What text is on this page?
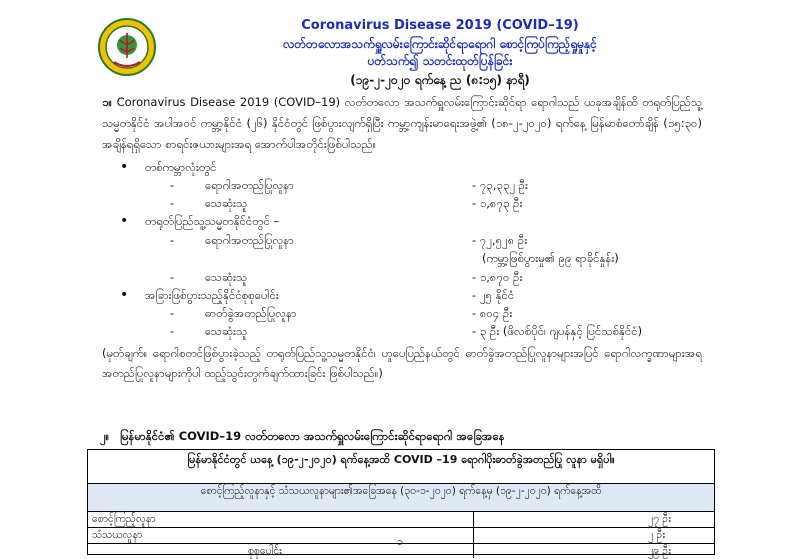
Coronavirus Disease 2019 (COVID–19)
လတ်တလောအသက်ရှူလမ်းကြောင်းဆိုင်ရာရောဂါ စောင့်ကြပ်ကြည့်ရှုမှုနှင့်
ပတ်သက်၍ သတင်းထုတ်ပြန်ခြင်း
(၁၉-၂-၂၀၂၀ ရက်နေ့ ည (၈:၁၅) နာရီ)
၁။ Coronavirus Disease 2019 (COVID–19) လတ်တလော အသက်ရှူလမ်းကြောင်းဆိုင်ရာ ရောဂါသည် ယခုအချိန်ထိ တရုတ်ပြည်သူ့သမ္မတနိုင်ငံ အပါအဝင် ကမ္ဘာ့နိုင်ငံ (၂၆) နိုင်ငံတွင် ဖြစ်ပွားလျက်ရှိပြီး ကမ္ဘာ့ကျန်းမာရေးအဖွဲ့၏ (၁၈-၂-၂၀၂၀) ရက်နေ့ မြန်မာစံတော်ချိန် (၁၅:၃၀) အချိန်ရရှိသော စာရင်းဇယားများအရ အောက်ပါအတိုင်းဖြစ်ပါသည်။
• တစ်ကမ္ဘာလုံးတွင်
-	ရောဂါအတည်ပြုလူနာ	- ၇၃,၃၃၂ ဦး
-	သေဆုံးသူ	- ၁,၈၇၃ ဦး
• တရုတ်ပြည်သူ့သမ္မတနိုင်ငံတွင် –
-	ရောဂါအတည်ပြုလူနာ	- ၇၂,၅၂၈ ဦး
(ကမ္ဘာ့ဖြစ်ပွားမှု၏ ၉၉ ရာခိုင်နှုန်း)
-	သေဆုံးသူ	- ၁,၈၇၀ ဦး
• အခြားဖြစ်ပွားသည့်နိုင်ငံစုစုပေါင်း	- ၂၅ နိုင်ငံ
-	ဓာတ်ခွဲအတည်ပြုလူနာ	- ၈၀၄ ဦး
-	သေဆုံးသူ	- ၃ ဦး (ဖိလစ်ပိုင်၊ ဂျပန်နှင့် ပြင်သစ်နိုင်ငံ)
(မှတ်ချက်။ ရောဂါစတင်ဖြစ်ပွားခဲ့သည့် တရုတ်ပြည်သူ့သမ္မတနိုင်ငံ၊ ဟူပေပြည်နယ်တွင် ဓာတ်ခွဲအတည်ပြုလူနာများအပြင် ရောဂါလက္ခဏာများအရ အတည်ပြုလူနာများကိုပါ ထည့်သွင်းတွက်ချက်ထားခြင်း ဖြစ်ပါသည်။)
၂။ မြန်မာနိုင်ငံ၏ COVID–19 လတ်တလော အသက်ရှူလမ်းကြောင်းဆိုင်ရာရောဂါ အခြေအနေ
မြန်မာနိုင်ငံတွင် ယနေ့ (၁၉-၂-၂၀၂၀) ရက်နေ့အထိ COVID –19 ရောဂါပိုးဓာတ်ခွဲအတည်ပြု လူနာ မရှိပါ။
စောင့်ကြည့်လူနာနှင့် သံသယလူနာများ၏အခြေအနေ (၃၀-၁-၂၀၂၀) ရက်နေ့မှ (၁၉-၂-၂၀၂၀) ရက်နေ့အထိ
စောင့်ကြည့်လူနာ	၂၇ ဦး
သံသယလူနာ	၂ ဦး
စုစုပေါင်း	၂၉ ဦး
၁
